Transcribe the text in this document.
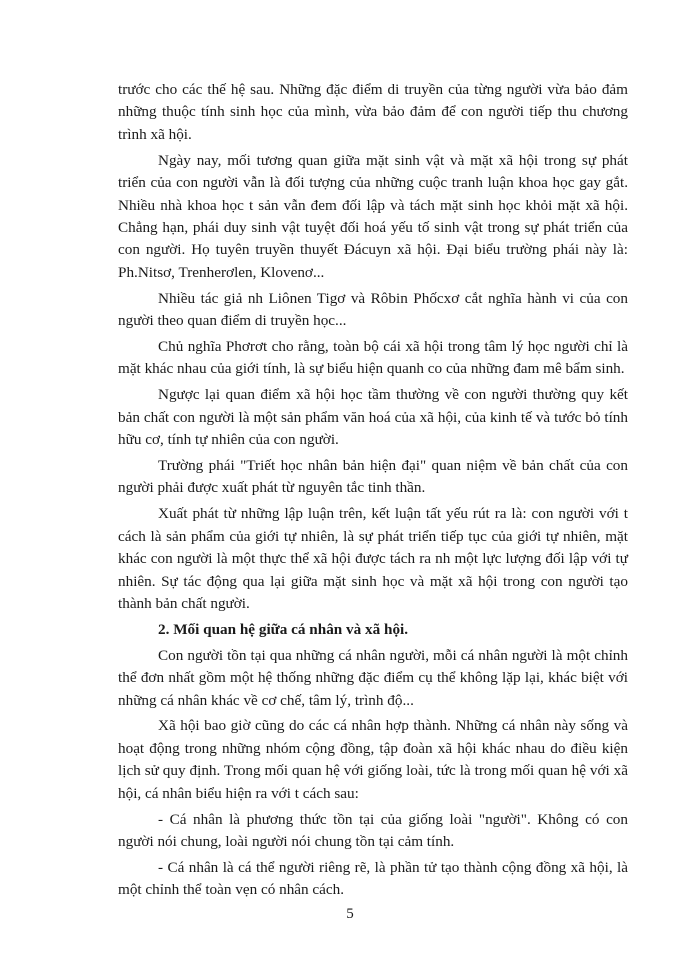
trước cho các thế hệ sau. Những đặc điểm di truyền của từng người vừa bảo đảm những thuộc tính sinh học của mình, vừa bảo đảm để con người tiếp thu chương trình xã hội.

Ngày nay, mối tương quan giữa mặt sinh vật và mặt xã hội trong sự phát triển của con người vẫn là đối tượng của những cuộc tranh luận khoa học gay gắt. Nhiều nhà khoa học t sản vẫn đem đối lập và tách mặt sinh học khỏi mặt xã hội. Chẳng hạn, phái duy sinh vật tuyệt đối hoá yếu tố sinh vật trong sự phát triển của con người. Họ tuyên truyền thuyết Đácuyn xã hội. Đại biểu trường phái này là: Ph.Nitsơ, Trenherơlen, Klovenơ...

Nhiều tác giả nh Liônen Tigơ và Rôbin Phốcxơ cắt nghĩa hành vi của con người theo quan điểm di truyền học...

Chủ nghĩa Phơrơt cho rằng, toàn bộ cái xã hội trong tâm lý học người chỉ là mặt khác nhau của giới tính, là sự biểu hiện quanh co của những đam mê bẩm sinh.

Ngược lại quan điểm xã hội học tầm thường về con người thường quy kết bản chất con người là một sản phẩm văn hoá của xã hội, của kinh tế và tước bỏ tính hữu cơ, tính tự nhiên của con người.

Trường phái "Triết học nhân bản hiện đại" quan niệm về bản chất của con người phải được xuất phát từ nguyên tắc tinh thần.

Xuất phát từ những lập luận trên, kết luận tất yếu rút ra là: con người với t cách là sản phẩm của giới tự nhiên, là sự phát triển tiếp tục của giới tự nhiên, mặt khác con người là một thực thể xã hội được tách ra nh một lực lượng đối lập với tự nhiên. Sự tác động qua lại giữa mặt sinh học và mặt xã hội trong con người tạo thành bản chất người.

2. Mối quan hệ giữa cá nhân và xã hội.

Con người tồn tại qua những cá nhân người, mỗi cá nhân người là một chỉnh thể đơn nhất gồm một hệ thống những đặc điểm cụ thể không lặp lại, khác biệt với những cá nhân khác về cơ chế, tâm lý, trình độ...

Xã hội bao giờ cũng do các cá nhân hợp thành. Những cá nhân này sống và hoạt động trong những nhóm cộng đồng, tập đoàn xã hội khác nhau do điều kiện lịch sử quy định. Trong mối quan hệ với giống loài, tức là trong mối quan hệ với xã hội, cá nhân biểu hiện ra với t cách sau:

- Cá nhân là phương thức tồn tại của giống loài "người". Không có con người nói chung, loài người nói chung tồn tại cảm tính.

- Cá nhân là cá thể người riêng rẽ, là phần tử tạo thành cộng đồng xã hội, là một chỉnh thể toàn vẹn có nhân cách.

5
